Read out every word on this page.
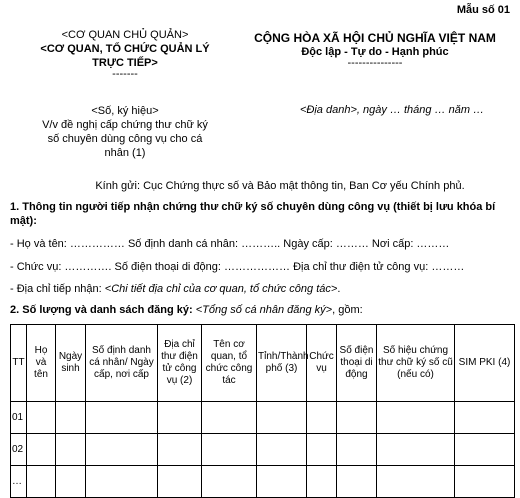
Mẫu số 01
<CƠ QUAN CHỦ QUẢN>
<CƠ QUAN, TỔ CHỨC QUẢN LÝ
TRỰC TIẾP>
-------
CỘNG HÒA XÃ HỘI CHỦ NGHĨA VIỆT NAM
Độc lập - Tự do - Hạnh phúc
---------------
<Số, ký hiệu>
V/v đề nghị cấp chứng thư chữ ký
số chuyên dùng công vụ cho cá
nhân (1)
<Địa danh>, ngày … tháng … năm …
Kính gửi: Cục Chứng thực số và Bảo mật thông tin, Ban Cơ yếu Chính phủ.
1. Thông tin người tiếp nhận chứng thư chữ ký số chuyên dùng công vụ (thiết bị lưu khóa bí mật):
- Họ và tên: …………… Số định danh cá nhân: ……….. Ngày cấp: ……… Nơi cấp: ………
- Chức vụ: …………. Số điện thoại di động: ……………… Địa chỉ thư điện tử công vụ: ………
- Địa chỉ tiếp nhận: <Chi tiết địa chỉ của cơ quan, tổ chức công tác>.
2. Số lượng và danh sách đăng ký: <Tổng số cá nhân đăng ký>, gồm:
TT	Họ và tên	Ngày sinh	Số định danh cá nhân/ Ngày cấp, nơi cấp	Địa chỉ thư điện tử công vụ (2)	Tên cơ quan, tổ chức công tác	Tỉnh/Thành phố (3)	Chức vụ	Số điện thoại di động	Số hiệu chứng thư chữ ký số cũ (nếu có)	SIM PKI (4)
01										
02										
…										
